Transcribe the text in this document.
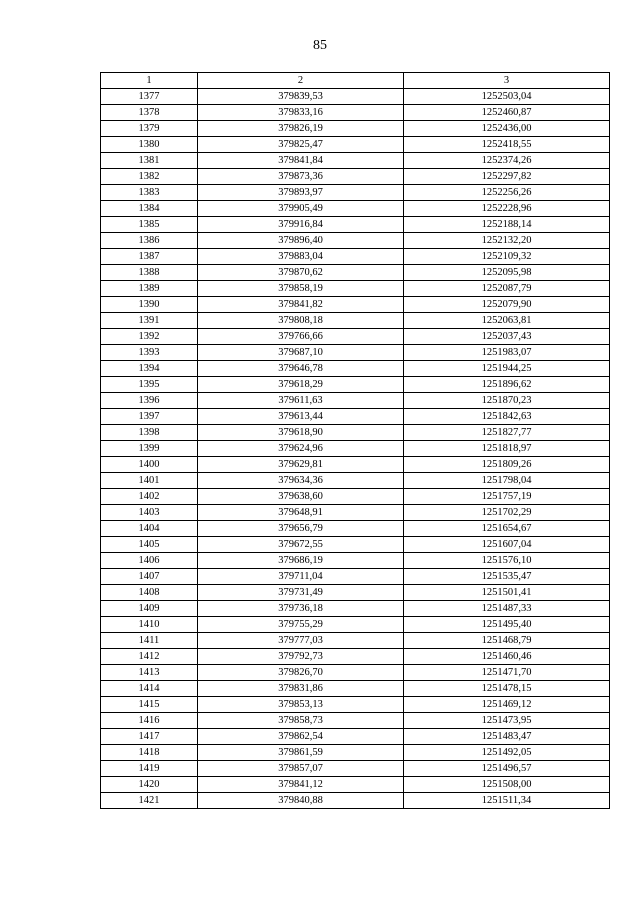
85
1	2	3
1377	379839,53	1252503,04
1378	379833,16	1252460,87
1379	379826,19	1252436,00
1380	379825,47	1252418,55
1381	379841,84	1252374,26
1382	379873,36	1252297,82
1383	379893,97	1252256,26
1384	379905,49	1252228,96
1385	379916,84	1252188,14
1386	379896,40	1252132,20
1387	379883,04	1252109,32
1388	379870,62	1252095,98
1389	379858,19	1252087,79
1390	379841,82	1252079,90
1391	379808,18	1252063,81
1392	379766,66	1252037,43
1393	379687,10	1251983,07
1394	379646,78	1251944,25
1395	379618,29	1251896,62
1396	379611,63	1251870,23
1397	379613,44	1251842,63
1398	379618,90	1251827,77
1399	379624,96	1251818,97
1400	379629,81	1251809,26
1401	379634,36	1251798,04
1402	379638,60	1251757,19
1403	379648,91	1251702,29
1404	379656,79	1251654,67
1405	379672,55	1251607,04
1406	379686,19	1251576,10
1407	379711,04	1251535,47
1408	379731,49	1251501,41
1409	379736,18	1251487,33
1410	379755,29	1251495,40
1411	379777,03	1251468,79
1412	379792,73	1251460,46
1413	379826,70	1251471,70
1414	379831,86	1251478,15
1415	379853,13	1251469,12
1416	379858,73	1251473,95
1417	379862,54	1251483,47
1418	379861,59	1251492,05
1419	379857,07	1251496,57
1420	379841,12	1251508,00
1421	379840,88	1251511,34
